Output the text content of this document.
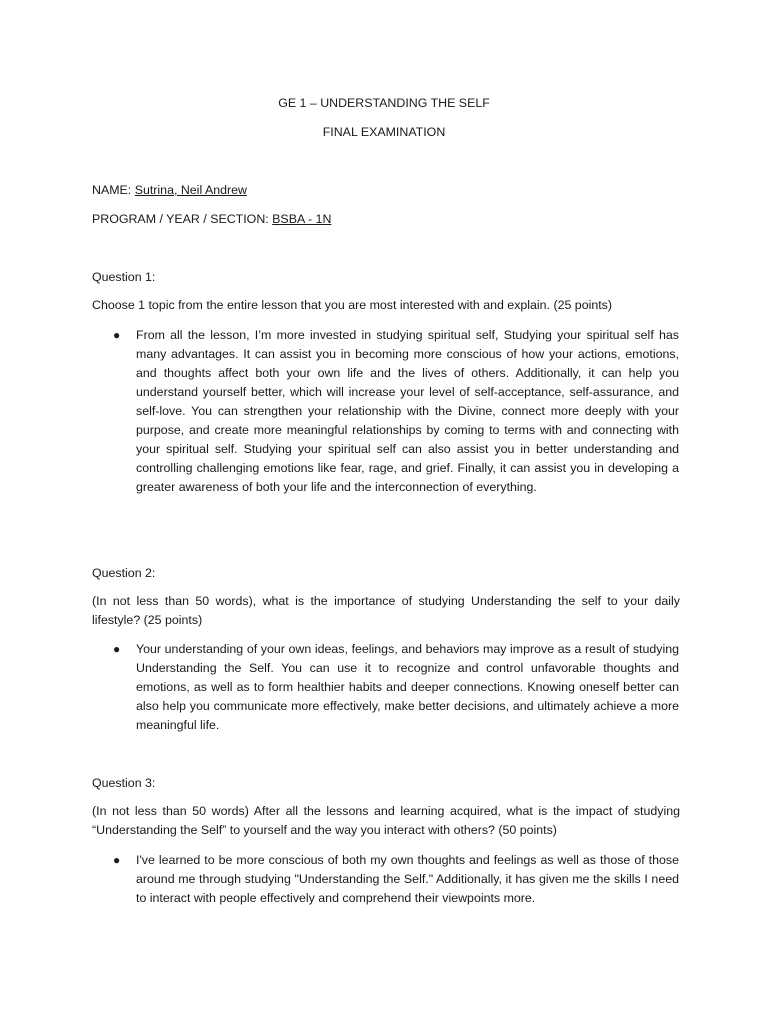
GE 1 – UNDERSTANDING THE SELF
FINAL EXAMINATION
NAME: Sutrina, Neil Andrew
PROGRAM / YEAR / SECTION: BSBA - 1N
Question 1:
Choose 1 topic from the entire lesson that you are most interested with and explain. (25 points)
● From all the lesson, I’m more invested in studying spiritual self, Studying your spiritual self has many advantages. It can assist you in becoming more conscious of how your actions, emotions, and thoughts affect both your own life and the lives of others. Additionally, it can help you understand yourself better, which will increase your level of self-acceptance, self-assurance, and self-love. You can strengthen your relationship with the Divine, connect more deeply with your purpose, and create more meaningful relationships by coming to terms with and connecting with your spiritual self. Studying your spiritual self can also assist you in better understanding and controlling challenging emotions like fear, rage, and grief. Finally, it can assist you in developing a greater awareness of both your life and the interconnection of everything.
Question 2:
(In not less than 50 words), what is the importance of studying Understanding the self to your daily lifestyle? (25 points)
● Your understanding of your own ideas, feelings, and behaviors may improve as a result of studying Understanding the Self. You can use it to recognize and control unfavorable thoughts and emotions, as well as to form healthier habits and deeper connections. Knowing oneself better can also help you communicate more effectively, make better decisions, and ultimately achieve a more meaningful life.
Question 3:
(In not less than 50 words) After all the lessons and learning acquired, what is the impact of studying “Understanding the Self” to yourself and the way you interact with others? (50 points)
● I've learned to be more conscious of both my own thoughts and feelings as well as those of those around me through studying "Understanding the Self." Additionally, it has given me the skills I need to interact with people effectively and comprehend their viewpoints more.
